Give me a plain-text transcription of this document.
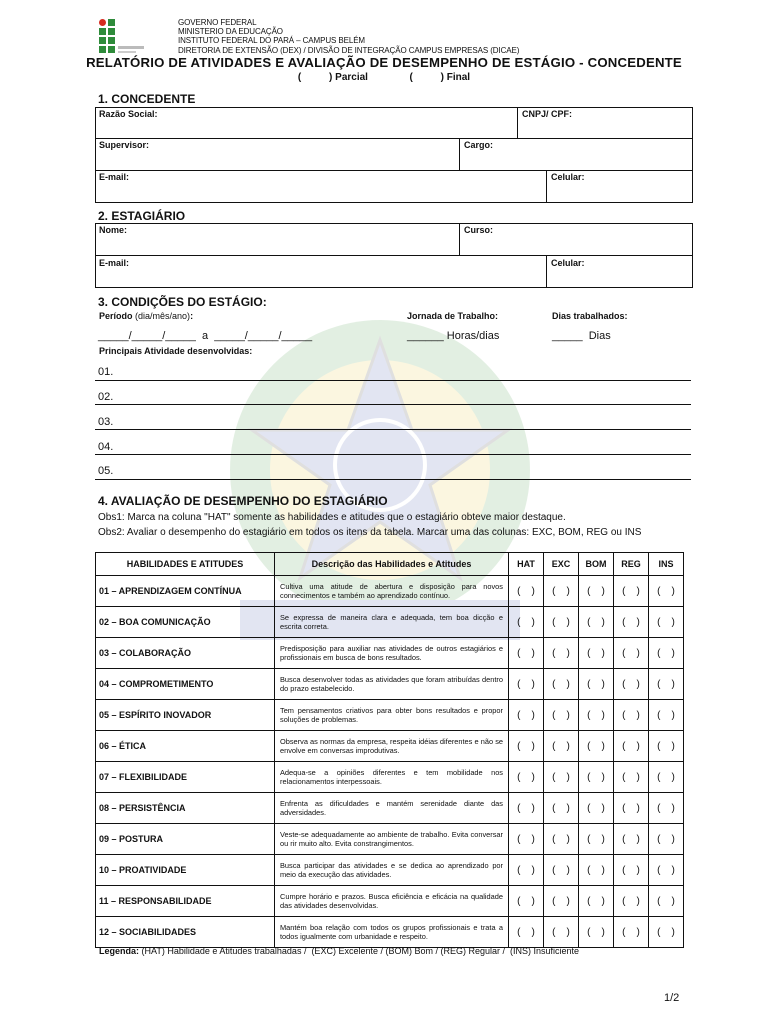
GOVERNO FEDERAL
MINISTERIO DA EDUCAÇÃO
INSTITUTO FEDERAL DO PARÁ – CAMPUS BELÉM
DIRETORIA DE EXTENSÃO (DEX) / DIVISÃO DE INTEGRAÇÃO CAMPUS EMPRESAS (DICAE)
RELATÓRIO DE ATIVIDADES E AVALIAÇÃO DE DESEMPENHO DE ESTÁGIO - CONCEDENTE
(          ) Parcial	(          ) Final
1. CONCEDENTE
Razão Social:	CNPJ/ CPF:
Supervisor:	Cargo:
E-mail:	Celular:
2. ESTAGIÁRIO
Nome:	Curso:
E-mail:	Celular:
3. CONDIÇÕES DO ESTÁGIO:
Período (dia/mês/ano):	Jornada de Trabalho:	Dias trabalhados:
_____/_____/_____  a  _____/_____/_____	______ Horas/dias	_____  Dias
Principais Atividade desenvolvidas:
01.
02.
03.
04.
05.
4. AVALIAÇÃO DE DESEMPENHO DO ESTAGIÁRIO
Obs1: Marca na coluna "HAT" somente as habilidades e atitudes que o estagiário obteve maior destaque.
Obs2: Avaliar o desempenho do estagiário em todos os itens da tabela. Marcar uma das colunas: EXC, BOM, REG ou INS
HABILIDADES E ATITUDES	Descrição das Habilidades e Atitudes	HAT	EXC	BOM	REG	INS
01 – APRENDIZAGEM CONTÍNUA	Cultiva uma atitude de abertura e disposição para novos connecimentos e também ao aprendizado contínuo.	(    )	(    )	(    )	(    )	(    )
02 – BOA COMUNICAÇÃO	Se expressa de maneira clara e adequada, tem boa dicção e escrita correta.	(    )	(    )	(    )	(    )	(    )
03 – COLABORAÇÃO	Predisposição para auxiliar nas atividades de outros estagiários e profissionais em busca de bons resultados.	(    )	(    )	(    )	(    )	(    )
04 – COMPROMETIMENTO	Busca desenvolver todas as atividades que foram atribuídas dentro do prazo estabelecido.	(    )	(    )	(    )	(    )	(    )
05 – ESPÍRITO INOVADOR	Tem pensamentos criativos para obter bons resultados e propor soluções de problemas.	(    )	(    )	(    )	(    )	(    )
06 – ÉTICA	Observa as normas da empresa, respeita idéias diferentes e não se envolve em conversas improdutivas.	(    )	(    )	(    )	(    )	(    )
07 – FLEXIBILIDADE	Adequa-se a opiniões diferentes e tem mobilidade nos relacionamentos interpessoais.	(    )	(    )	(    )	(    )	(    )
08 – PERSISTÊNCIA	Enfrenta as dificuldades e mantém serenidade diante das adversidades.	(    )	(    )	(    )	(    )	(    )
09 – POSTURA	Veste-se adequadamente ao ambiente de trabalho. Evita conversar ou rir muito alto. Evita constrangimentos.	(    )	(    )	(    )	(    )	(    )
10 – PROATIVIDADE	Busca participar das atividades e se dedica ao aprendizado por meio da execução das atividades.	(    )	(    )	(    )	(    )	(    )
11 – RESPONSABILIDADE	Cumpre horário e prazos. Busca eficiência e eficácia na qualidade das atividades desenvolvidas.	(    )	(    )	(    )	(    )	(    )
12 – SOCIABILIDADES	Mantém boa relação com todos os grupos profissionais e trata a todos igualmente com urbanidade e respeito.	(    )	(    )	(    )	(    )	(    )
Legenda: (HAT) Habilidade e Atitudes trabalhadas /  (EXC) Excelente / (BOM) Bom / (REG) Regular /  (INS) Insuficiente
1/2
